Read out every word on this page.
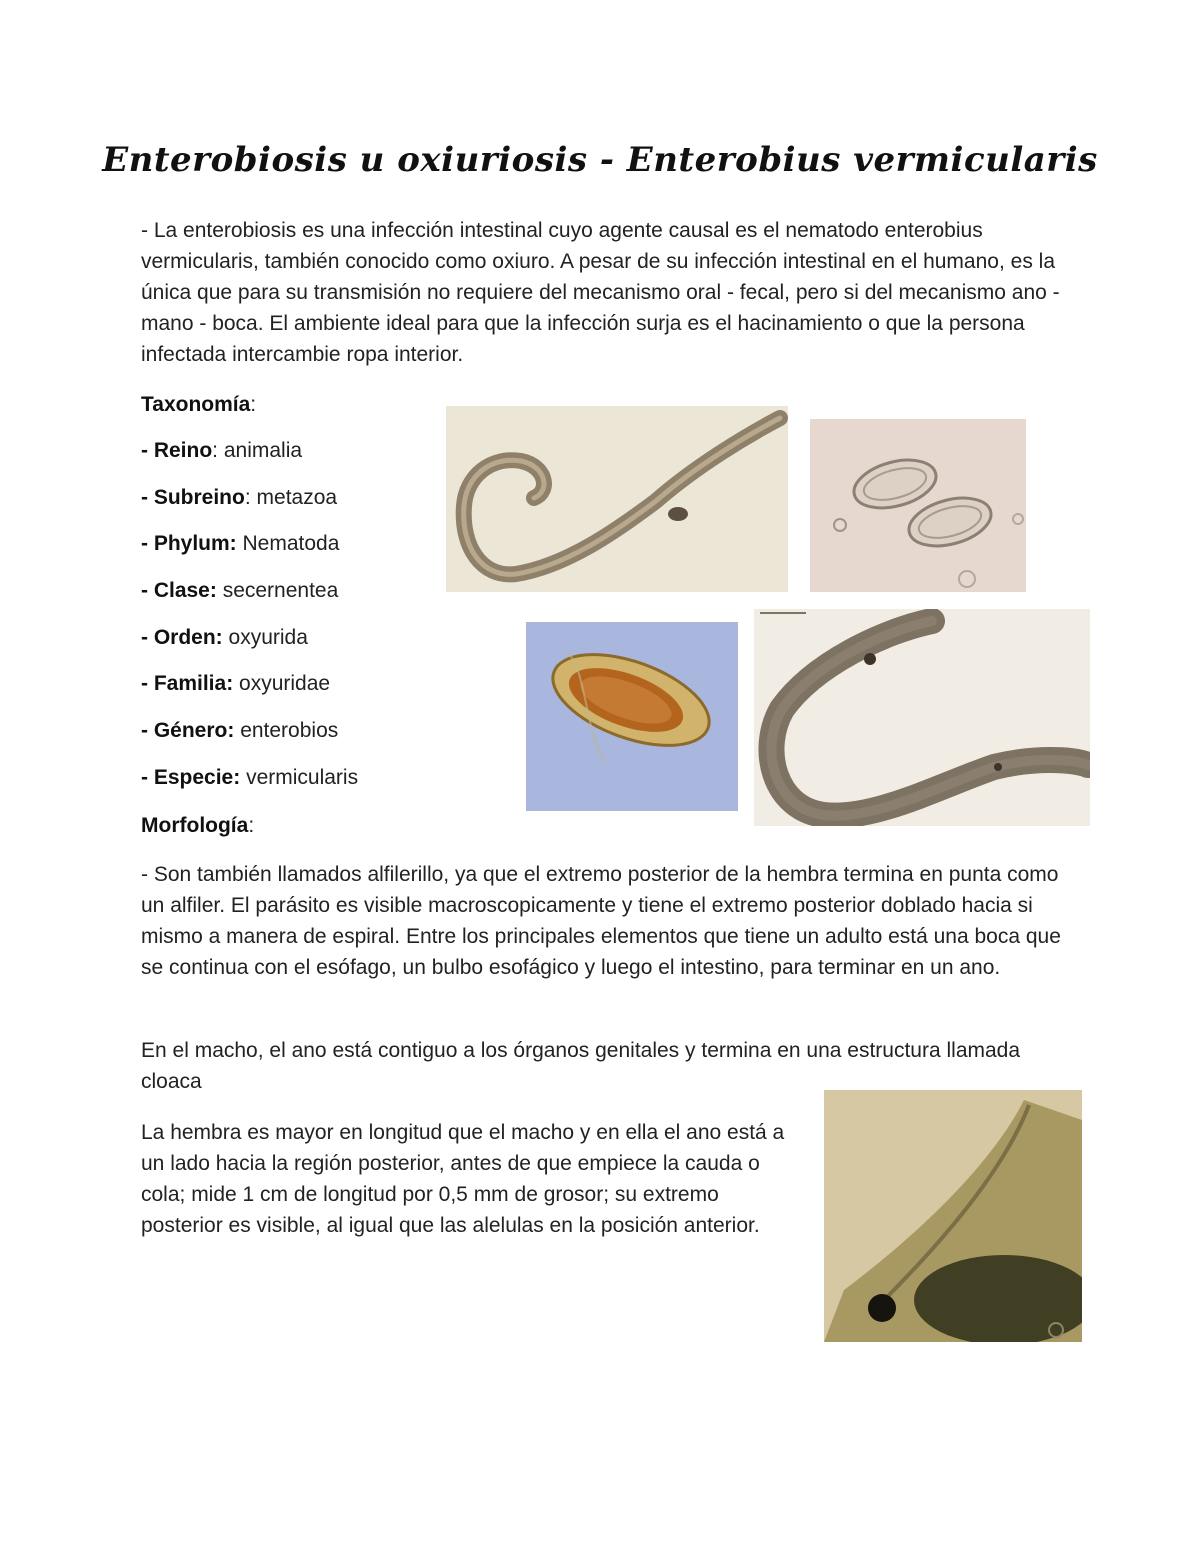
Enterobiosis u oxiuriosis - Enterobius vermicularis

- La enterobiosis es una infección intestinal cuyo agente causal es el nematodo enterobius vermicularis, también conocido como oxiuro. A pesar de su infección intestinal en el humano, es la única que para su transmisión no requiere del mecanismo oral - fecal, pero si del mecanismo ano - mano - boca. El ambiente ideal para que la infección surja es el hacinamiento o que la persona infectada intercambie ropa interior.

Taxonomía:

- Reino: animalia
- Subreino: metazoa
- Phylum: Nematoda
- Clase: secernentea
- Orden: oxyurida
- Familia: oxyuridae
- Género: enterobios
- Especie: vermicularis

Morfología:

- Son también llamados alfilerillo, ya que el extremo posterior de la hembra termina en punta como un alfiler. El parásito es visible macroscopicamente y tiene el extremo posterior doblado hacia si mismo a manera de espiral. Entre los principales elementos que tiene un adulto está una boca que se continua con el esófago, un bulbo esofágico y luego el intestino, para terminar en un ano.

En el macho, el ano está contiguo a los órganos genitales y termina en una estructura llamada cloaca

La hembra es mayor en longitud que el macho y en ella el ano está a un lado hacia la región posterior, antes de que empiece la cauda o cola; mide 1 cm de longitud por 0,5 mm de grosor; su extremo posterior es visible, al igual que las alelulas en la posición anterior.
